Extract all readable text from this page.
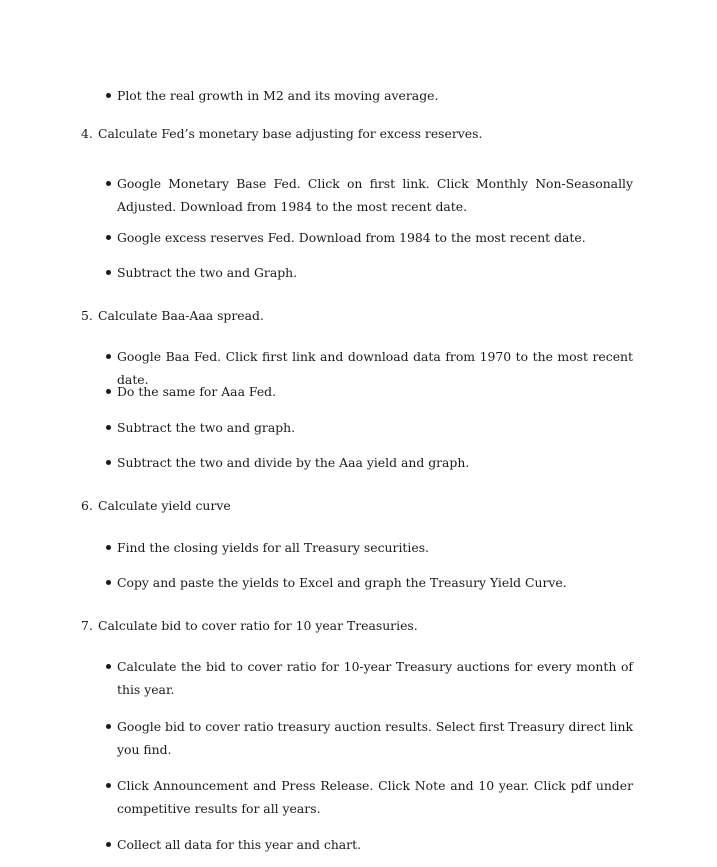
Plot the real growth in M2 and its moving average.
4. Calculate Fed’s monetary base adjusting for excess reserves.
Google Monetary Base Fed. Click on first link. Click Monthly Non-Seasonally Adjusted. Download from 1984 to the most recent date.
Google excess reserves Fed. Download from 1984 to the most recent date.
Subtract the two and Graph.
5. Calculate Baa-Aaa spread.
Google Baa Fed. Click first link and download data from 1970 to the most recent date.
Do the same for Aaa Fed.
Subtract the two and graph.
Subtract the two and divide by the Aaa yield and graph.
6. Calculate yield curve
Find the closing yields for all Treasury securities.
Copy and paste the yields to Excel and graph the Treasury Yield Curve.
7. Calculate bid to cover ratio for 10 year Treasuries.
Calculate the bid to cover ratio for 10-year Treasury auctions for every month of this year.
Google bid to cover ratio treasury auction results. Select first Treasury direct link you find.
Click Announcement and Press Release. Click Note and 10 year. Click pdf under competitive results for all years.
Collect all data for this year and chart.
